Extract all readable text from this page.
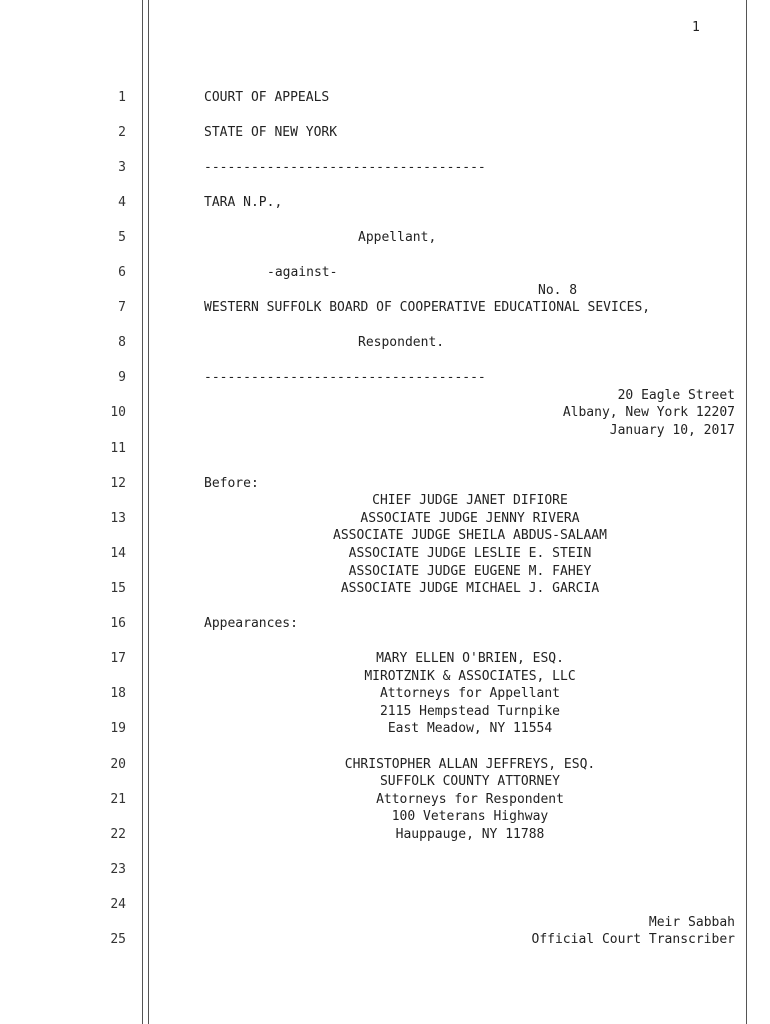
1
1
2
3
4
5
6
7
8
9
10
11
12
13
14
15
16
17
18
19
20
21
22
23
24
25
COURT OF APPEALS
STATE OF NEW YORK
------------------------------------
TARA N.P.,
Appellant,
-against-
No. 8
WESTERN SUFFOLK BOARD OF COOPERATIVE EDUCATIONAL SEVICES,
Respondent.
------------------------------------
20 Eagle Street
Albany, New York 12207
January 10, 2017
Before:
CHIEF JUDGE JANET DIFIORE
ASSOCIATE JUDGE JENNY RIVERA
ASSOCIATE JUDGE SHEILA ABDUS-SALAAM
ASSOCIATE JUDGE LESLIE E. STEIN
ASSOCIATE JUDGE EUGENE M. FAHEY
ASSOCIATE JUDGE MICHAEL J. GARCIA
Appearances:
MARY ELLEN O'BRIEN, ESQ.
MIROTZNIK & ASSOCIATES, LLC
Attorneys for Appellant
2115 Hempstead Turnpike
East Meadow, NY 11554
CHRISTOPHER ALLAN JEFFREYS, ESQ.
SUFFOLK COUNTY ATTORNEY
Attorneys for Respondent
100 Veterans Highway
Hauppauge, NY 11788
Meir Sabbah
Official Court Transcriber
